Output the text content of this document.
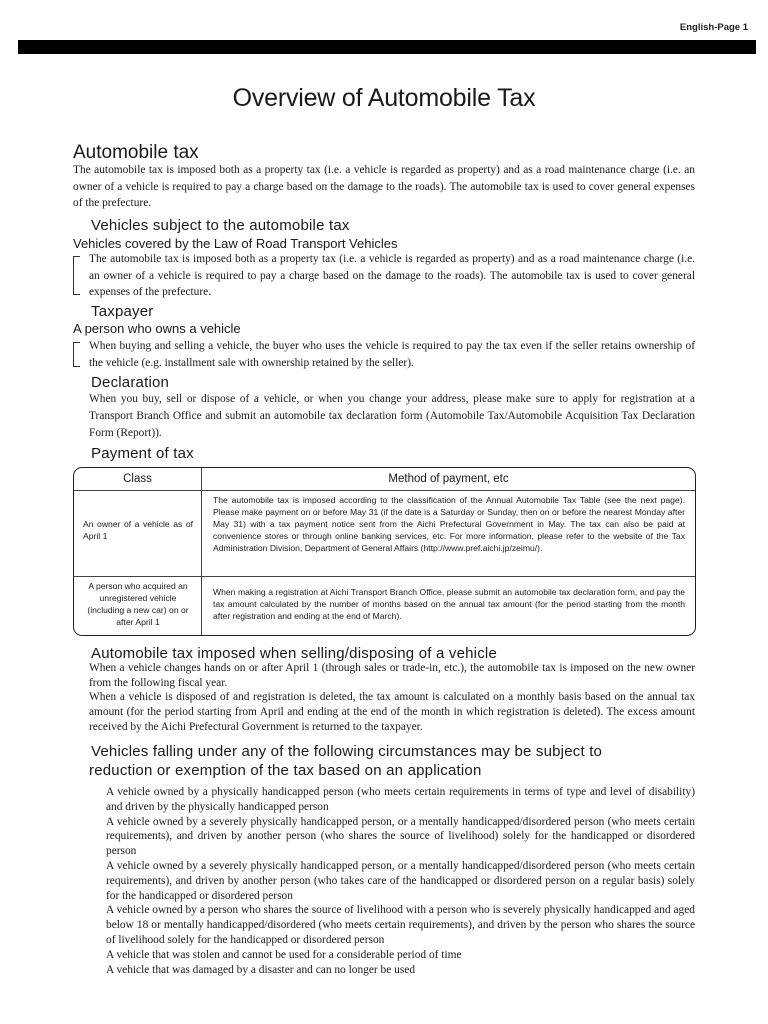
English-Page 1
Overview of Automobile Tax
Automobile tax
The automobile tax is imposed both as a property tax (i.e. a vehicle is regarded as property) and as a road maintenance charge (i.e. an owner of a vehicle is required to pay a charge based on the damage to the roads). The automobile tax is used to cover general expenses of the prefecture.
Vehicles subject to the automobile tax
Vehicles covered by the Law of Road Transport Vehicles
The automobile tax is imposed both as a property tax (i.e. a vehicle is regarded as property) and as a road maintenance charge (i.e. an owner of a vehicle is required to pay a charge based on the damage to the roads). The automobile tax is used to cover general expenses of the prefecture.
Taxpayer
A person who owns a vehicle
When buying and selling a vehicle, the buyer who uses the vehicle is required to pay the tax even if the seller retains ownership of the vehicle (e.g. installment sale with ownership retained by the seller).
Declaration
When you buy, sell or dispose of a vehicle, or when you change your address, please make sure to apply for registration at a Transport Branch Office and submit an automobile tax declaration form (Automobile Tax/Automobile Acquisition Tax Declaration Form (Report)).
Payment of tax
Class	Method of payment, etc
An owner of a vehicle as of April 1
The automobile tax is imposed according to the classification of the Annual Automobile Tax Table (see the next page). Please make payment on or before May 31 (if the date is a Saturday or Sunday, then on or before the nearest Monday after May 31) with a tax payment notice sent from the Aichi Prefectural Government in May. The tax can also be paid at convenience stores or through online banking services, etc. For more information, please refer to the website of the Tax Administration Division, Department of General Affairs (http://www.pref.aichi.jp/zeimu/).
A person who acquired an unregistered vehicle (including a new car) on or after April 1
When making a registration at Aichi Transport Branch Office, please submit an automobile tax declaration form, and pay the tax amount calculated by the number of months based on the annual tax amount (for the period starting from the month after registration and ending at the end of March).
Automobile tax imposed when selling/disposing of a vehicle
When a vehicle changes hands on or after April 1 (through sales or trade-in, etc.), the automobile tax is imposed on the new owner from the following fiscal year.
When a vehicle is disposed of and registration is deleted, the tax amount is calculated on a monthly basis based on the annual tax amount (for the period starting from April and ending at the end of the month in which registration is deleted). The excess amount received by the Aichi Prefectural Government is returned to the taxpayer.
Vehicles falling under any of the following circumstances may be subject to
reduction or exemption of the tax based on an application

A vehicle owned by a physically handicapped person (who meets certain requirements in terms of type and level of disability) and driven by the physically handicapped person

A vehicle owned by a severely physically handicapped person, or a mentally handicapped/disordered person (who meets certain requirements), and driven by another person (who shares the source of livelihood) solely for the handicapped or disordered person

A vehicle owned by a severely physically handicapped person, or a mentally handicapped/disordered person (who meets certain requirements), and driven by another person (who takes care of the handicapped or disordered person on a regular basis) solely for the handicapped or disordered person

A vehicle owned by a person who shares the source of livelihood with a person who is severely physically handicapped and aged below 18 or mentally handicapped/disordered (who meets certain requirements), and driven by the person who shares the source of livelihood solely for the handicapped or disordered person

A vehicle that was stolen and cannot be used for a considerable period of time

A vehicle that was damaged by a disaster and can no longer be used
